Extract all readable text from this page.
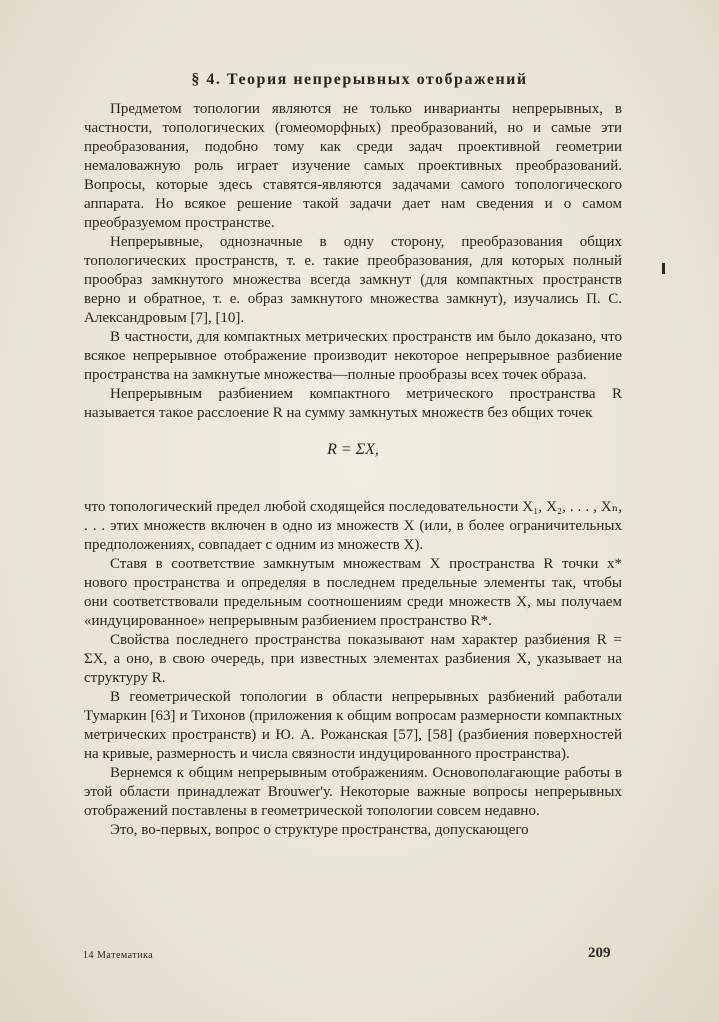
§ 4. Теория непрерывных отображений

Предметом топологии являются не только инварианты непрерывных, в частности, топологических (гомеоморфных) преобразований, но и самые эти преобразования, подобно тому как среди задач проективной геометрии немаловажную роль играет изучение самых проективных преобразований. Вопросы, которые здесь ставятся-являются задачами самого топологического аппарата. Но всякое решение такой задачи дает нам сведения и о самом преобразуемом пространстве.

Непрерывные, однозначные в одну сторону, преобразования общих топологических пространств, т. е. такие преобразования, для которых полный прообраз замкнутого множества всегда замкнут (для компактных пространств верно и обратное, т. е. образ замкнутого множества замкнут), изучались П. С. Александровым [7], [10].

В частности, для компактных метрических пространств им было доказано, что всякое непрерывное отображение производит некоторое непрерывное разбиение пространства на замкнутые множества—полные прообразы всех точек образа.

Непрерывным разбиением компактного метрического пространства R называется такое расслоение R на сумму замкнутых множеств без общих точек

R = ΣX,

что топологический предел любой сходящейся последовательности X₁, X₂, . . . , Xₙ, . . . этих множеств включен в одно из множеств X (или, в более ограничительных предположениях, совпадает с одним из множеств X).

Ставя в соответствие замкнутым множествам X пространства R точки x* нового пространства и определяя в последнем предельные элементы так, чтобы они соответствовали предельным соотношениям среди множеств X, мы получаем «индуцированное» непрерывным разбиением пространство R*.

Свойства последнего пространства показывают нам характер разбиения R = ΣX, а оно, в свою очередь, при известных элементах разбиения X, указывает на структуру R.

В геометрической топологии в области непрерывных разбиений работали Тумаркин [63] и Тихонов (приложения к общим вопросам размерности компактных метрических пространств) и Ю. А. Рожанская [57], [58] (разбиения поверхностей на кривые, размерность и числа связности индуцированного пространства).

Вернемся к общим непрерывным отображениям. Основополагающие работы в этой области принадлежат Brouwer'у. Некоторые важные вопросы непрерывных отображений поставлены в геометрической топологии совсем недавно.

Это, во-первых, вопрос о структуре пространства, допускающего

14 Математика	209
